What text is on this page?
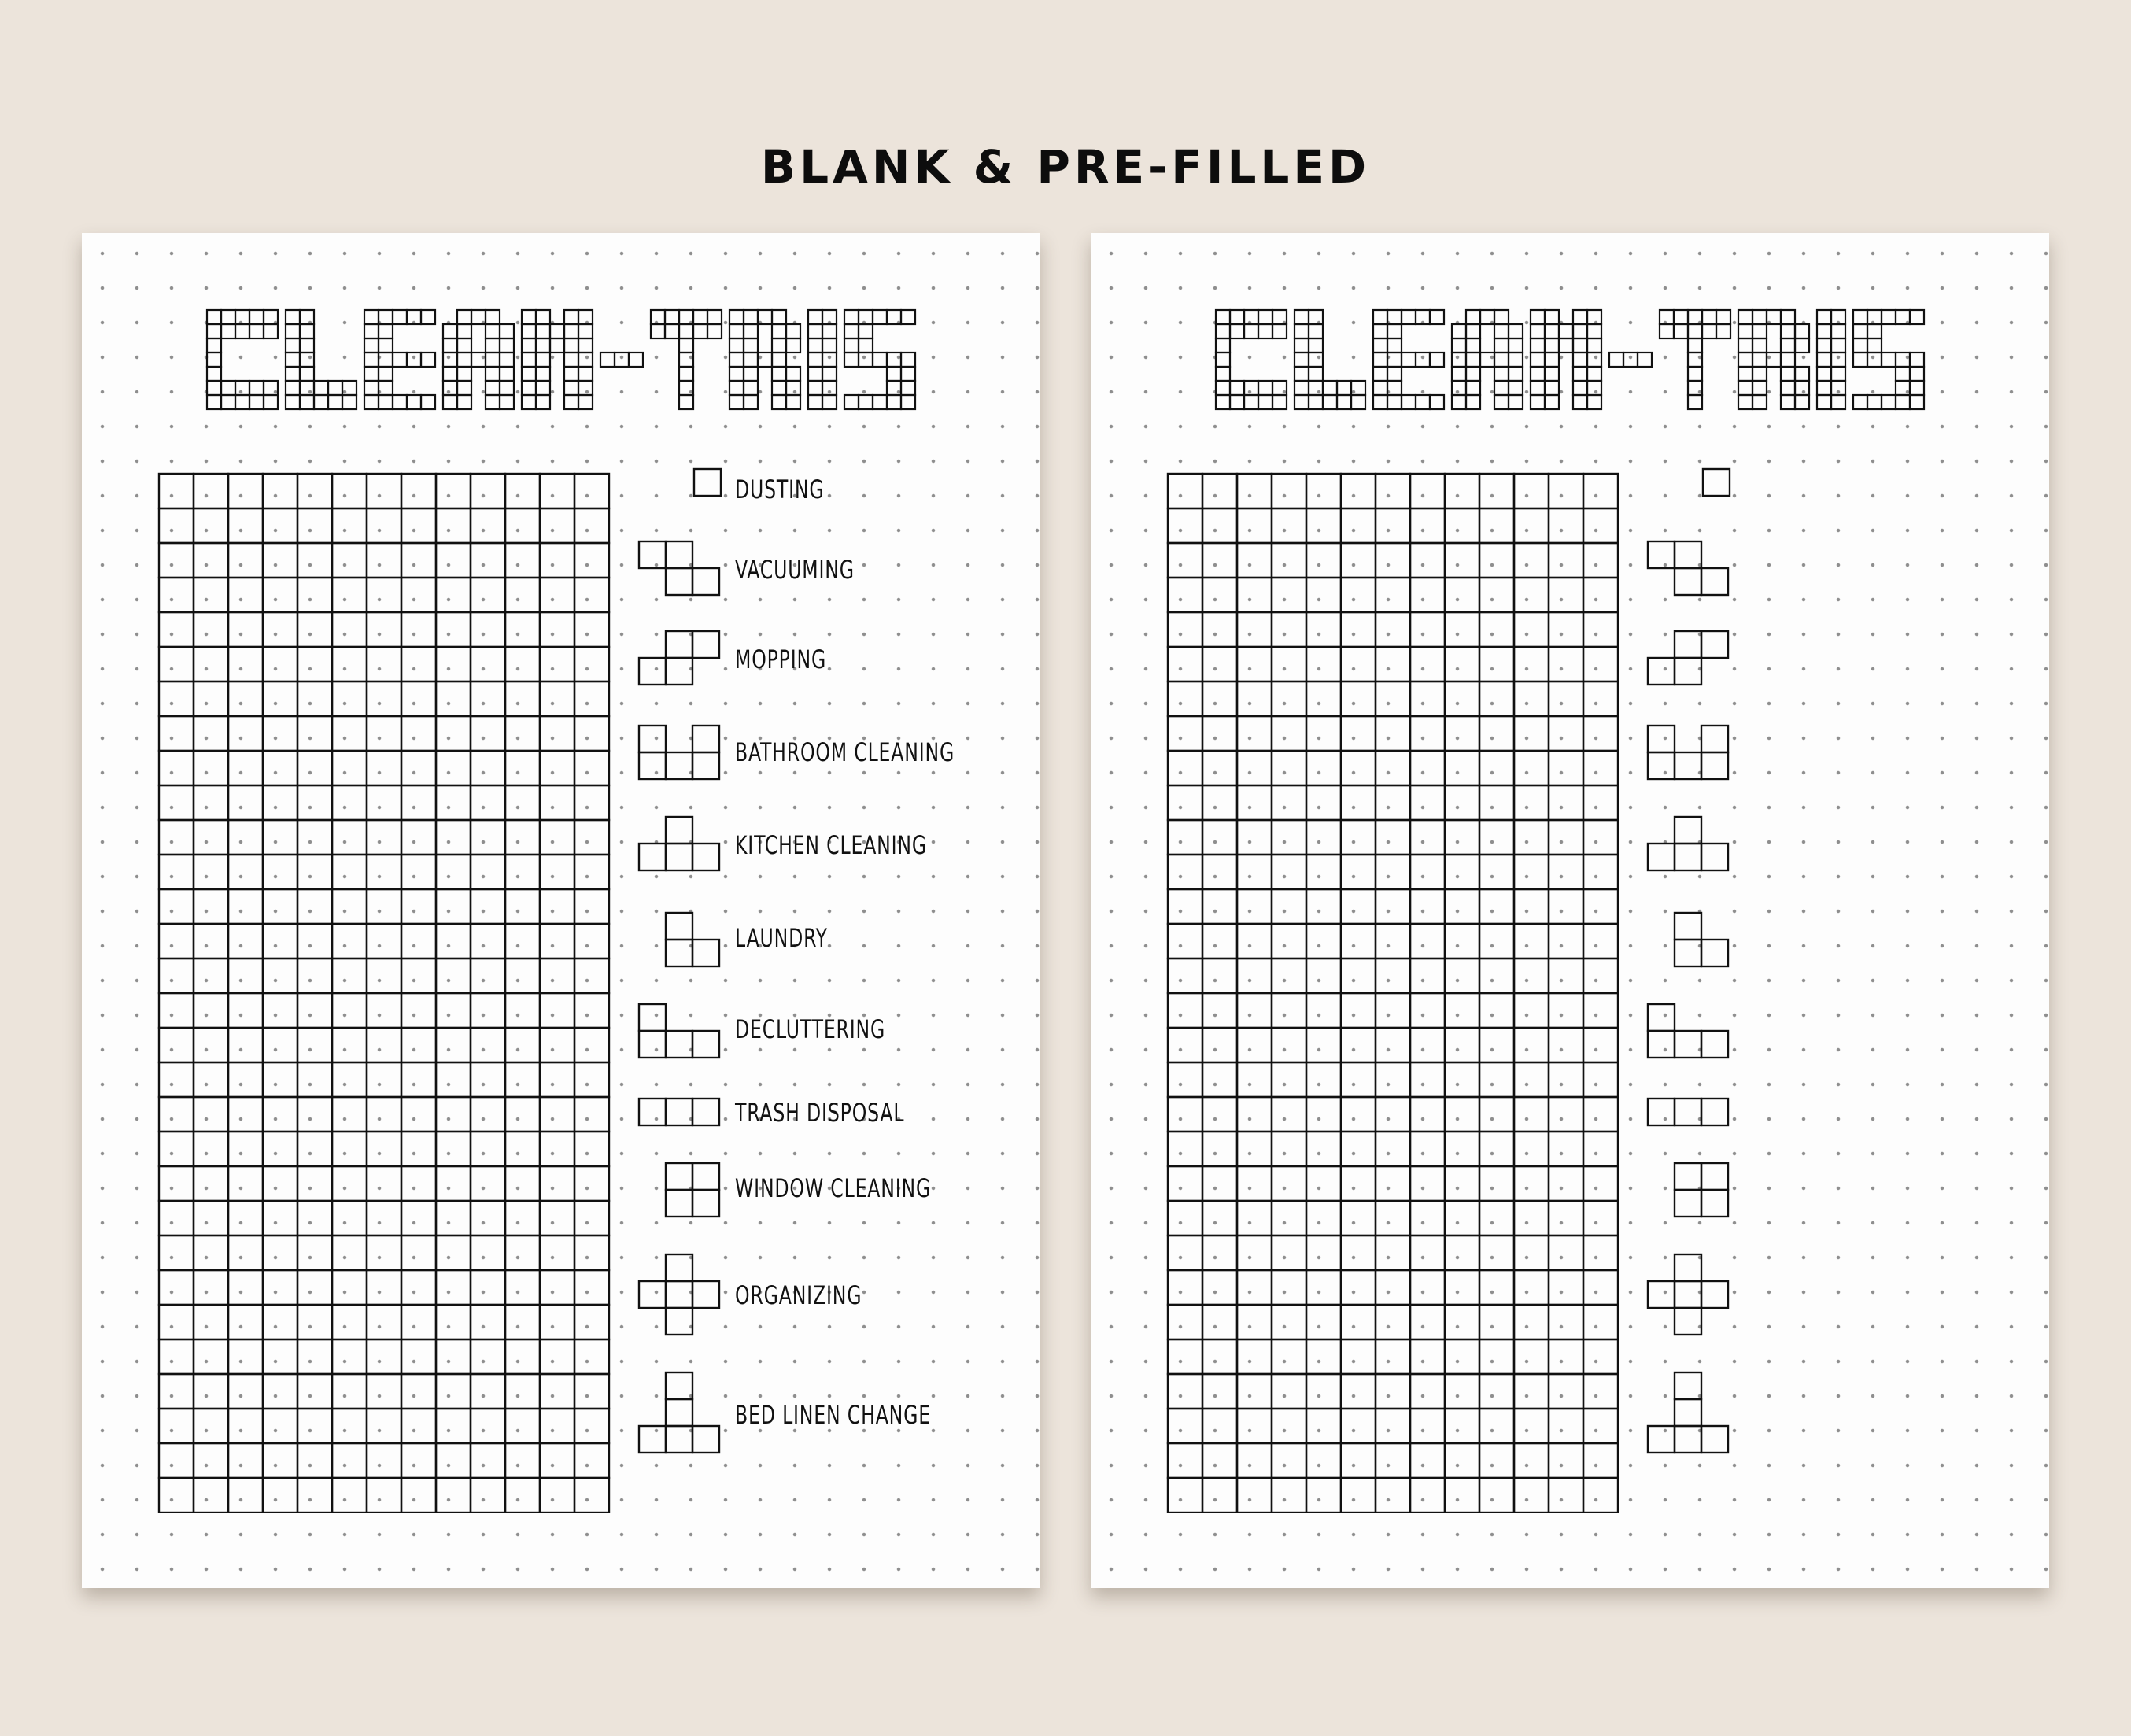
BLANK & PRE-FILLED
DUSTING
VACUUMING
MOPPING
BATHROOM CLEANING
KITCHEN CLEANING
LAUNDRY
DECLUTTERING
TRASH DISPOSAL
WINDOW CLEANING
ORGANIZING
BED LINEN CHANGE
